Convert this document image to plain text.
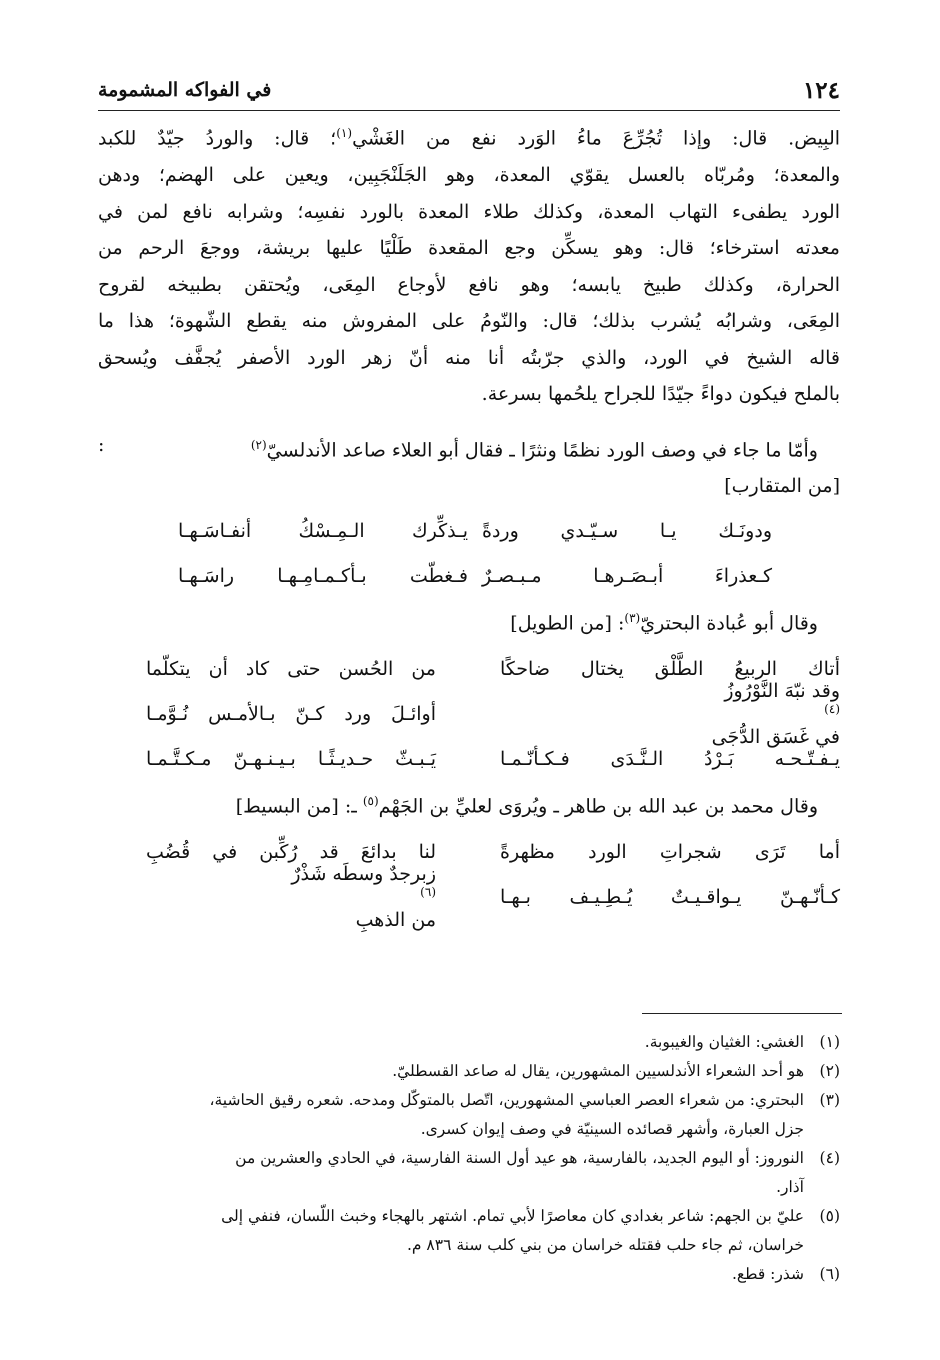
١٢٤
في الفواكه المشمومة
البِيض. قال: وإذا تُجُرِّعَ ماءُ الوَرد نفع من الغَشْي$^{(١)}$؛ قال: والوردُ جيّدٌ للكبد
والمعدة؛ ومُربّاه بالعسل يقوّي المعدة، وهو الجَلَنْجَبِين، ويعين على الهضم؛ ودهن
الورد يطفىء التهاب المعدة، وكذلك طلاء المعدة بالورد نفسِه؛ وشرابه نافع لمن في
معدته استرخاء؛ قال: وهو يسكِّن وجع المقعدة طَلْيًا عليها بريشة، ووجعَ الرحم من
الحرارة، وكذلك طبيخ يابسه؛ وهو نافع لأوجاع المِعَى، ويُحتقن بطبيخه لقروح
المِعَى، وشرابُه يُشرب بذلك؛ قال: والنّومُ على المفروش منه يقطع الشّهوة؛ هذا ما
قاله الشيخ في الورد، والذي جرّبتُه أنا منه أنّ زهر الورد الأصفر يُجفَّف ويُسحق
بالملح فيكون دواءً جيّدًا للجراح يلحُمها بسرعة.
وأمّا ما جاء في وصف الورد نظمًا ونثرًا ـ فقال أبو العلاء صاعد الأندلسيّ$^{(٢)}$
:
[من المتقارب]
ودونَـك يـا سـيّـدي وردةً
يـذكِّرك الـمِـسْكُ أنفـاسَـهـا
كـعذراءَ أبـصَـرهـا مـبـصـرٌ
فـغطّت بـأكـمـامِـهـا راسَـهـا
وقال أبو عُبادة البحتريّ$^{(٣)}$: [من الطويل]
أتاك الربيعُ الطَّلْق يختال ضاحكًا
من الحُسن حتى كاد أن يتكلّما
وقد نبّهَ النَّوْرُوزُ
$^{(٤)}$
في غَسَق الدُّجَى
أوائـلَ ورد كـنّ بـالأمـس نُـوَّمـا
يـفـتّـحـه بَـرْدُ الـنَّـدَى فـكـأنّـمـا
يَـبـثّ حـديـثًـا بـيـنـهـنّ مـكـتَّـمـا
وقال محمد بن عبد الله بن طاهر ـ ويُروَى لعليِّ بن الجَهْم$^{(٥)}$ ـ: [من البسيط]
أما تَرَى شجراتِ الورد مظهرةً
لنا بدائعَ قد رُكِّبن في قُضُبِ
كـأنّـهـنّ يـواقـيـتٌ يُـطِـيـف بـهـا
زبرجدٌ وسطَه شَذْرٌ
$^{(٦)}$
من الذهبِ
(١)
الغشي: الغثيان والغيبوبة.
(٢)
هو أحد الشعراء الأندلسيين المشهورين، يقال له صاعد القسطليّ.
(٣)
البحتري: من شعراء العصر العباسي المشهورين، اتّصل بالمتوكّل ومدحه. شعره رقيق الحاشية،
جزل العبارة، وأشهر قصائده السينيّة في وصف إيوان كسرى.
(٤)
النوروز: أو اليوم الجديد، بالفارسية، هو عيد أول السنة الفارسية، في الحادي والعشرين من
آذار.
(٥)
عليّ بن الجهم: شاعر بغدادي كان معاصرًا لأبي تمام. اشتهر بالهجاء وخبث اللّسان، فنفي إلى
خراسان، ثم جاء حلب فقتله خراسان من بني كلب سنة ٨٣٦ م.
(٦)
شذر: قطع.
